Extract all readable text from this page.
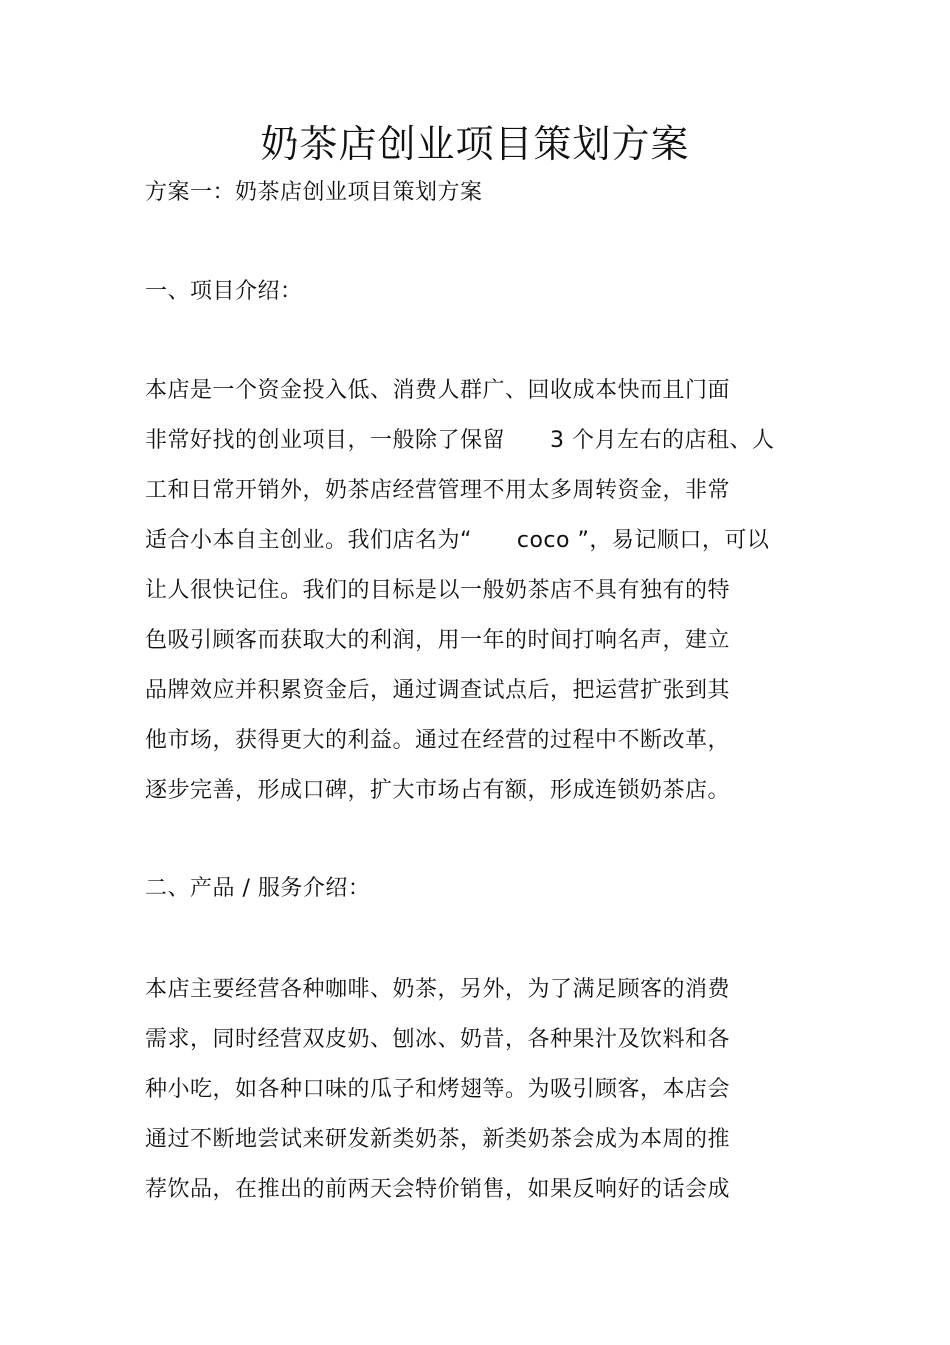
奶茶店创业项目策划方案

方案一：奶茶店创业项目策划方案

一、项目介绍：

本店是一个资金投入低、消费人群广、回收成本快而且门面

非常好找的创业项目，一般除了保留      3 个月左右的店租、人

工和日常开销外，奶茶店经营管理不用太多周转资金，非常

适合小本自主创业。我们店名为“      coco ”，易记顺口，可以

让人很快记住。我们的目标是以一般奶茶店不具有独有的特

色吸引顾客而获取大的利润，用一年的时间打响名声，建立

品牌效应并积累资金后，通过调查试点后，把运营扩张到其

他市场，获得更大的利益。通过在经营的过程中不断改革，

逐步完善，形成口碑，扩大市场占有额，形成连锁奶茶店。

二、产品 / 服务介绍：

本店主要经营各种咖啡、奶茶，另外，为了满足顾客的消费

需求，同时经营双皮奶、刨冰、奶昔，各种果汁及饮料和各

种小吃，如各种口味的瓜子和烤翅等。为吸引顾客，本店会

通过不断地尝试来研发新类奶茶，新类奶茶会成为本周的推

荐饮品，在推出的前两天会特价销售，如果反响好的话会成
